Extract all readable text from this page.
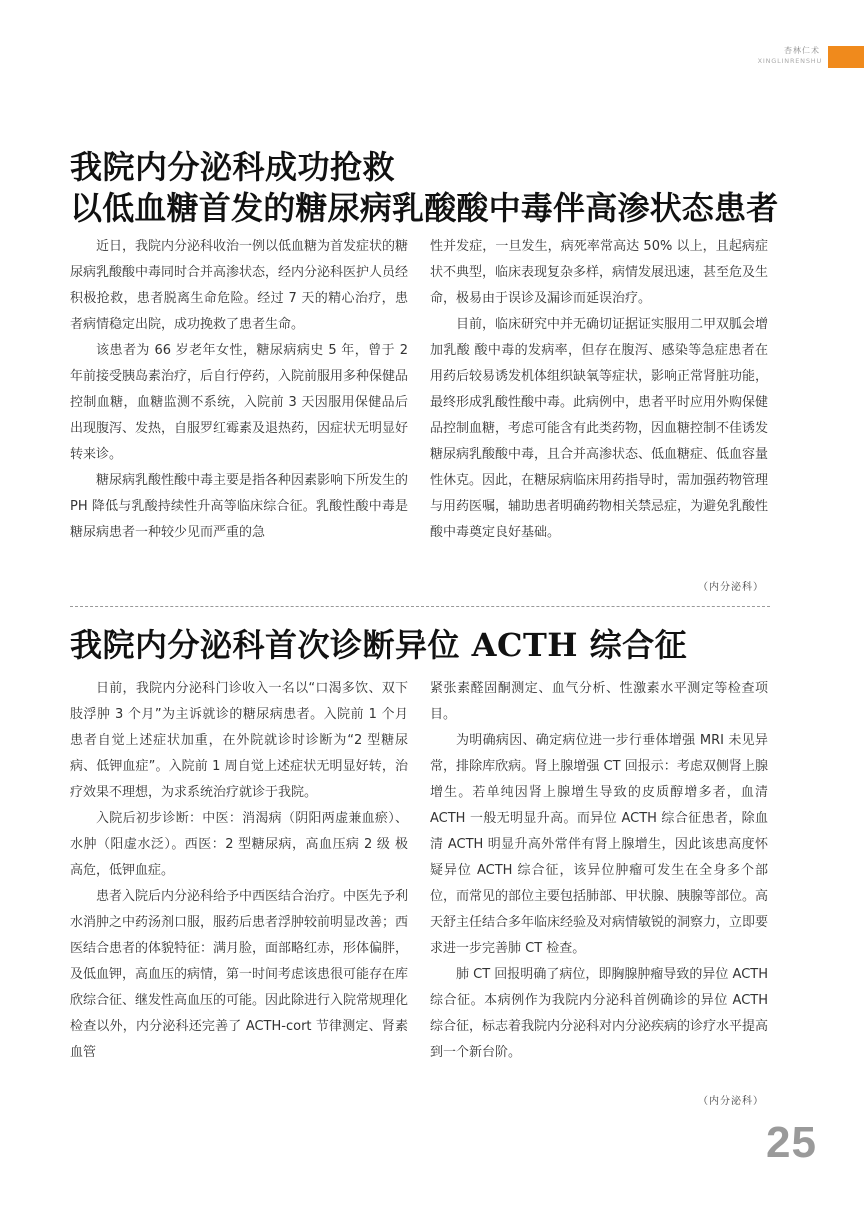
杏林仁术
XINGLINRENSHU
我院内分泌科成功抢救
以低血糖首发的糖尿病乳酸酸中毒伴高渗状态患者

近日，我院内分泌科收治一例以低血糖为首发症状的糖尿病乳酸酸中毒同时合并高渗状态，经内分泌科医护人员经积极抢救，患者脱离生命危险。经过 7 天的精心治疗，患者病情稳定出院，成功挽救了患者生命。

该患者为 66 岁老年女性，糖尿病病史 5 年，曾于 2 年前接受胰岛素治疗，后自行停药，入院前服用多种保健品控制血糖，血糖监测不系统，入院前 3 天因服用保健品后出现腹泻、发热，自服罗红霉素及退热药，因症状无明显好转来诊。

糖尿病乳酸性酸中毒主要是指各种因素影响下所发生的 PH 降低与乳酸持续性升高等临床综合征。乳酸性酸中毒是糖尿病患者一种较少见而严重的急

性并发症，一旦发生，病死率常高达 50% 以上，且起病症状不典型，临床表现复杂多样，病情发展迅速，甚至危及生命，极易由于误诊及漏诊而延误治疗。

目前，临床研究中并无确切证据证实服用二甲双胍会增加乳酸 酸中毒的发病率，但存在腹泻、感染等急症患者在用药后较易诱发机体组织缺氧等症状，影响正常肾脏功能，最终形成乳酸性酸中毒。此病例中，患者平时应用外购保健品控制血糖，考虑可能含有此类药物，因血糖控制不佳诱发糖尿病乳酸酸中毒，且合并高渗状态、低血糖症、低血容量性休克。因此，在糖尿病临床用药指导时，需加强药物管理与用药医嘱，辅助患者明确药物相关禁忌症，为避免乳酸性酸中毒奠定良好基础。

（内分泌科）
我院内分泌科首次诊断异位 ACTH 综合征

日前，我院内分泌科门诊收入一名以“口渴多饮、双下肢浮肿 3 个月”为主诉就诊的糖尿病患者。入院前 1 个月患者自觉上述症状加重，在外院就诊时诊断为“2 型糖尿病、低钾血症”。入院前 1 周自觉上述症状无明显好转，治疗效果不理想，为求系统治疗就诊于我院。

入院后初步诊断：中医：消渴病（阴阳两虚兼血瘀）、水肿（阳虚水泛）。西医：2 型糖尿病，高血压病 2 级 极高危，低钾血症。

患者入院后内分泌科给予中西医结合治疗。中医先予利水消肿之中药汤剂口服，服药后患者浮肿较前明显改善；西医结合患者的体貌特征：满月脸，面部略红赤，形体偏胖，及低血钾，高血压的病情，第一时间考虑该患很可能存在库欣综合征、继发性高血压的可能。因此除进行入院常规理化检查以外，内分泌科还完善了 ACTH-cort 节律测定、肾素血管

紧张素醛固酮测定、血气分析、性激素水平测定等检查项目。

为明确病因、确定病位进一步行垂体增强 MRI 未见异常，排除库欣病。肾上腺增强 CT 回报示：考虑双侧肾上腺增生。若单纯因肾上腺增生导致的皮质醇增多者，血清 ACTH 一般无明显升高。而异位 ACTH 综合征患者，除血清 ACTH 明显升高外常伴有肾上腺增生，因此该患高度怀疑异位 ACTH 综合征，该异位肿瘤可发生在全身多个部位，而常见的部位主要包括肺部、甲状腺、胰腺等部位。高天舒主任结合多年临床经验及对病情敏锐的洞察力，立即要求进一步完善肺 CT 检查。

肺 CT 回报明确了病位，即胸腺肿瘤导致的异位 ACTH 综合征。本病例作为我院内分泌科首例确诊的异位 ACTH 综合征，标志着我院内分泌科对内分泌疾病的诊疗水平提高到一个新台阶。

（内分泌科）
25
